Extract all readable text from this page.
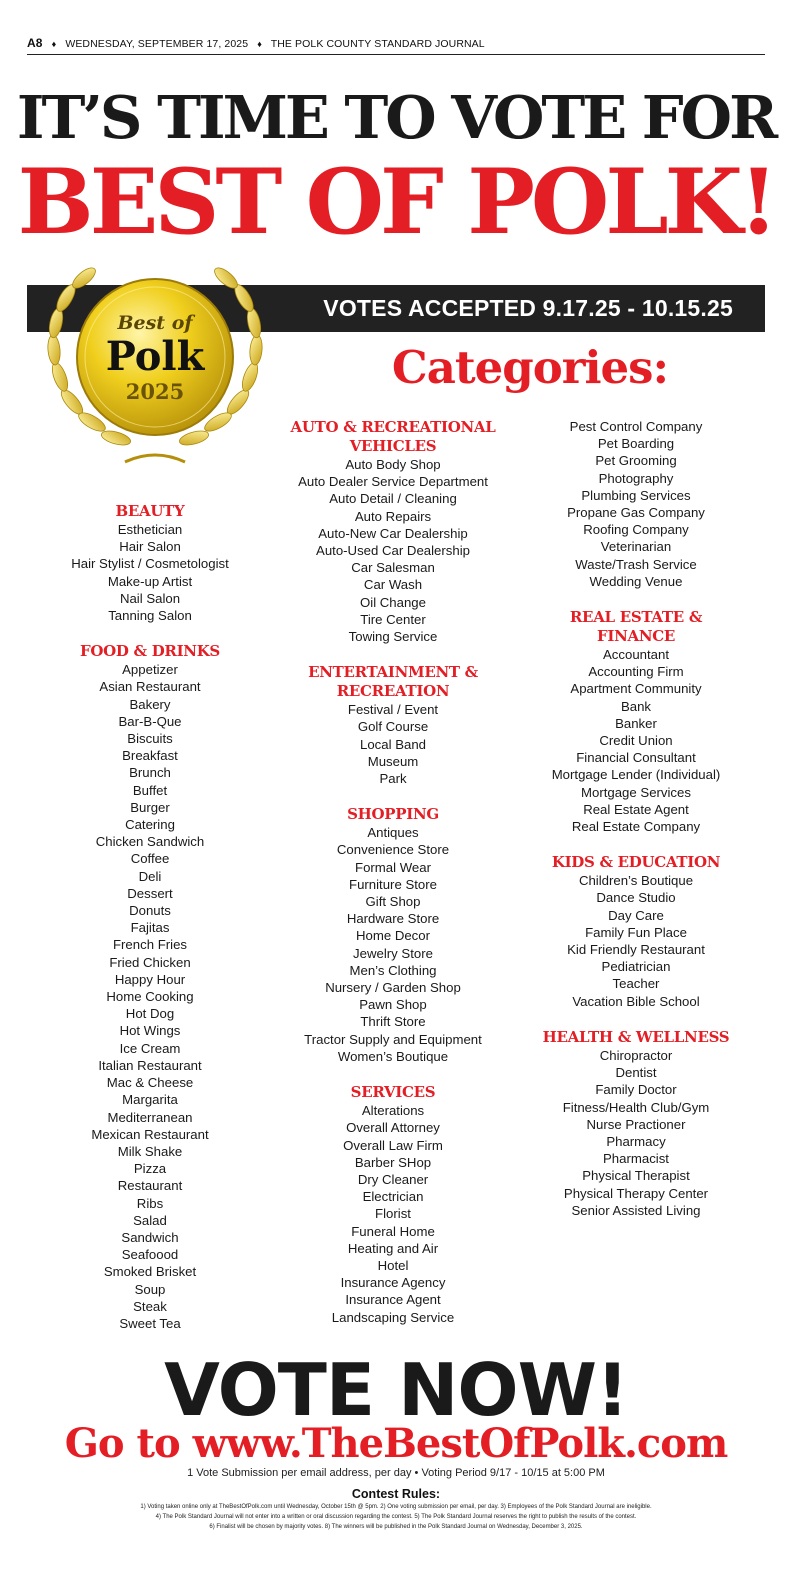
A8 ♦ WEDNESDAY, SEPTEMBER 17, 2025 ♦ THE POLK COUNTY STANDARD JOURNAL
IT’S TIME TO VOTE FOR
BEST OF POLK!
VOTES ACCEPTED 9.17.25 - 10.15.25
Best of
Polk
2025	Categories:
BEAUTY
Esthetician
Hair Salon
Hair Stylist / Cosmetologist
Make-up Artist
Nail Salon
Tanning Salon
FOOD & DRINKS
Appetizer
Asian Restaurant
Bakery
Bar-B-Que
Biscuits
Breakfast
Brunch
Buffet
Burger
Catering
Chicken Sandwich
Coffee
Deli
Dessert
Donuts
Fajitas
French Fries
Fried Chicken
Happy Hour
Home Cooking
Hot Dog
Hot Wings
Ice Cream
Italian Restaurant
Mac & Cheese
Margarita
Mediterranean
Mexican Restaurant
Milk Shake
Pizza
Restaurant
Ribs
Salad
Sandwich
Seafoood
Smoked Brisket
Soup
Steak
Sweet Tea
AUTO & RECREATIONAL
VEHICLES
Auto Body Shop
Auto Dealer Service Department
Auto Detail / Cleaning
Auto Repairs
Auto-New Car Dealership
Auto-Used Car Dealership
Car Salesman
Car Wash
Oil Change
Tire Center
Towing Service
ENTERTAINMENT &
RECREATION
Festival / Event
Golf Course
Local Band
Museum
Park
SHOPPING
Antiques
Convenience Store
Formal Wear
Furniture Store
Gift Shop
Hardware Store
Home Decor
Jewelry Store
Men’s Clothing
Nursery / Garden Shop
Pawn Shop
Thrift Store
Tractor Supply and Equipment
Women’s Boutique
SERVICES
Alterations
Overall Attorney
Overall Law Firm
Barber SHop
Dry Cleaner
Electrician
Florist
Funeral Home
Heating and Air
Hotel
Insurance Agency
Insurance Agent
Landscaping Service
Pest Control Company
Pet Boarding
Pet Grooming
Photography
Plumbing Services
Propane Gas Company
Roofing Company
Veterinarian
Waste/Trash Service
Wedding Venue
REAL ESTATE &
FINANCE
Accountant
Accounting Firm
Apartment Community
Bank
Banker
Credit Union
Financial Consultant
Mortgage Lender (Individual)
Mortgage Services
Real Estate Agent
Real Estate Company
KIDS & EDUCATION
Children’s Boutique
Dance Studio
Day Care
Family Fun Place
Kid Friendly Restaurant
Pediatrician
Teacher
Vacation Bible School
HEALTH & WELLNESS
Chiropractor
Dentist
Family Doctor
Fitness/Health Club/Gym
Nurse Practioner
Pharmacy
Pharmacist
Physical Therapist
Physical Therapy Center
Senior Assisted Living
VOTE NOW!
Go to www.TheBestOfPolk.com
1 Vote Submission per email address, per day • Voting Period 9/17 - 10/15 at 5:00 PM
Contest Rules:
1) Voting taken online only at TheBestOfPolk.com until Wednesday, October 15th @ 5pm. 2) One voting submission per email, per day. 3) Employees of the Polk Standard Journal are ineligible.
4) The Polk Standard Journal will not enter into a written or oral discussion regarding the contest. 5) The Polk Standard Journal reserves the right to publish the results of the contest.
6) Finalist will be chosen by majority votes. 8) The winners will be published in the Polk Standard Journal on Wednesday, December 3, 2025.
